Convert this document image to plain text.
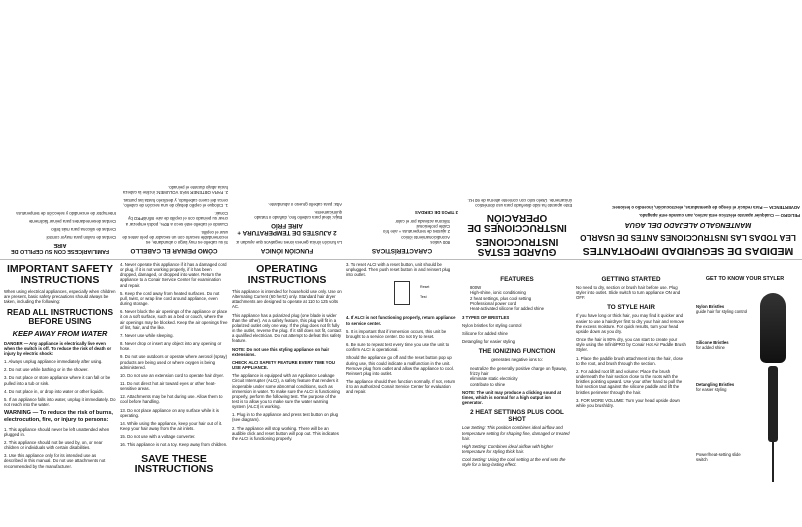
IMPORTANT SAFETY INSTRUCTIONS

When using electrical appliances, especially when children are present, basic safety precautions should always be taken, including the following:

READ ALL INSTRUCTIONS BEFORE USING
KEEP AWAY FROM WATER

DANGER — Any appliance is electrically live even when the switch is off. To reduce the risk of death or injury by electric shock:

1. Always unplug appliance immediately after using.

2. Do not use while bathing or in the shower.

3. Do not place or store appliance where it can fall or be pulled into a tub or sink.

4. Do not place in, or drop into water or other liquids.

5. If an appliance falls into water, unplug it immediately. Do not reach into the water.

WARNING — To reduce the risk of burns, electrocution, fire, or injury to persons:

1. This appliance should never be left unattended when plugged in.

2. This appliance should not be used by, on, or near children or individuals with certain disabilities.

3. Use this appliance only for its intended use as described in this manual. Do not use attachments not recommended by the manufacturer.

4. Never operate this appliance if it has a damaged cord or plug, if it is not working properly, if it has been dropped, damaged, or dropped into water. Return the appliance to a Conair Service Center for examination and repair.

5. Keep the cord away from heated surfaces. Do not pull, twist, or wrap line cord around appliance, even during storage.

6. Never block the air openings of the appliance or place it on a soft surface, such as a bed or couch, where the air openings may be blocked. Keep the air openings free of lint, hair, and the like.

7. Never use while sleeping.

8. Never drop or insert any object into any opening or hose.

9. Do not use outdoors or operate where aerosol (spray) products are being used or where oxygen is being administered.

10. Do not use an extension cord to operate hair dryer.

11. Do not direct hot air toward eyes or other heat-sensitive areas.

12. Attachments may be hot during use. Allow them to cool before handling.

13. Do not place appliance on any surface while it is operating.

14. While using the appliance, keep your hair out of it. Keep your hair away from the air inlets.

15. Do not use with a voltage converter.

16. This appliance is not a toy. Keep away from children.

SAVE THESE INSTRUCTIONS
OPERATING INSTRUCTIONS

This appliance is intended for household use only. Use on Alternating Current (60 hertz) only. Standard hair dryer attachments are designed to operate at 110 to 125 volts AC.

This appliance has a polarized plug (one blade is wider than the other). As a safety feature, this plug will fit in a polarized outlet only one way. If the plug does not fit fully in the outlet, reverse the plug. If it still does not fit, contact a qualified electrician. Do not attempt to defeat this safety feature.

NOTE: Do not use this styling appliance on hair extensions.

CHECK ALCI SAFETY FEATURE EVERY TIME YOU USE APPLIANCE.

The appliance is equipped with an Appliance Leakage Circuit Interrupter (ALCI), a safety feature that renders it inoperable under some abnormal conditions, such as immersion in water. To make sure the ALCI is functioning properly, perform the following test. The purpose of the test is to allow you to make sure the water warning system (ALCI) is working.

1. Plug in to the appliance and press test button on plug (see diagram).

2. The appliance will stop working. There will be an audible click and reset button will pop out. This indicates the ALCI is functioning properly.

3. To reset ALCI with a reset button, unit should be unplugged. Then push reset button in and reinsert plug into outlet.

Reset
Test

4. If ALCI is not functioning properly, return appliance to service center.

5. It is important that if immersion occurs, this unit be brought to a service center. Do not try to reset.

6. Be sure to repeat test every time you use the unit to confirm ALCI is operational.

Should the appliance go off and the reset button pop up during use, this could indicate a malfunction in the unit. Remove plug from outlet and allow the appliance to cool. Reinsert plug into outlet.

The appliance should then function normally. If not, return it to an authorized Conair Service Center for evaluation and repair.

FEATURES
• 800W
• High-shine, ionic conditioning
• 2 heat settings, plus cool setting
• Professional power cord
• Heat-activated silicone for added shine

3 TYPES OF BRISTLES

Nylon bristles for styling control

Silicone for added shine

Detangling for easier styling

THE IONIZING FUNCTION

generates negative ions to:

• neutralize the generally positive charge on flyaway, frizzy hair
• eliminate static electricity
• contribute to shine

NOTE: The unit may produce a clicking sound at times, which is normal for a high output ion generator.

2 HEAT SETTINGS PLUS COOL SHOT

Low Setting: This position combines ideal airflow and temperature setting for shaping fine, damaged or treated hair.

High Setting: Combines ideal airflow with higher temperature for styling thick hair.

Cool Setting: Using the cool setting at the end sets the style for a long-lasting effect.

GETTING STARTED

No need to dry, section or brush hair before use. Plug styler into outlet. Slide switch to turn appliance ON and OFF.

TO STYLE HAIR

If you have long or thick hair, you may find it quicker and easier to use a hairdryer first to dry your hair and remove the excess moisture. For quick results, turn your head upside down as you dry.

Once the hair is 80% dry, you can start to create your style using the InfinitiPRO by Conair Hot Air Paddle Brush Styler.

1. Place the paddle brush attachment into the hair, close to the root, and brush through the section.

2. For added root lift and volume: Place the brush underneath the hair section close to the roots with the bristles pointing upward. Use your other hand to pull the hair section taut against the silicone paddle and lift the bristles perimeter through the hair.

3. FOR MORE VOLUME: Turn your head upside down while you brush/dry.

GET TO KNOW YOUR STYLER
Nylon Bristles
guide hair for styling control
Silicone Bristles
for added shine
Detangling Bristles
for easier styling
Power/heat-setting slide switch
FAMILIARÍCESE CON SU CEPILLO DE AIRE

Cerdas de nailon para mayor control

Cerdas de silicona para más brillo

Cerdas desenredantes para peinar fácilmente

Interruptor de encendido y selección de temperatura

CÓMO PEINAR EL CABELLO

Si su cabello es muy largo o abundante, es recomendable secarlo con un secador de pelo antes de usar el cepillo.

Cuando el cabello esté seco a 80%, podrá empezar a crear su peinado con el cepillo de aire InfinitiPRO by Conair.

1. Coloque el cepillo debajo de una sección de cabello, cerca del cuero cabelludo, y deslícelo hasta las puntas.

2. PARA OBTENER MÁS VOLUMEN: incline la cabeza hacia abajo durante el peinado.

FUNCIÓN IÓNICA

La función iónica genera iones negativos que ayudan a:

2 AJUSTES DE TEMPERATURA + AIRE FRÍO

Baja: ideal para cabello fino, dañado o tratado químicamente.

Alta: para cabello grueso o abundante.

CARACTERÍSTICAS
• 800 vatios
• Acondicionamiento iónico
• 2 ajustes de temperatura + aire frío
• Cable profesional
• Silicona activada por el calor

3 TIPOS DE CERDAS

GUARDE ESTAS INSTRUCCIONES
INSTRUCCIONES DE OPERACIÓN

Este aparato ha sido diseñado para uso doméstico únicamente. Úselo solo con corriente alterna de 60 Hz.

MEDIDAS DE SEGURIDAD IMPORTANTES
LEA TODAS LAS INSTRUCCIONES ANTES DE USARLO
MANTENGALO ALEJADO DEL AGUA

PELIGRO — Cualquier aparato eléctrico está activo, aun cuando esté apagado.

ADVERTENCIA — Para reducir el riesgo de quemaduras, electrocución, incendio o lesiones:
